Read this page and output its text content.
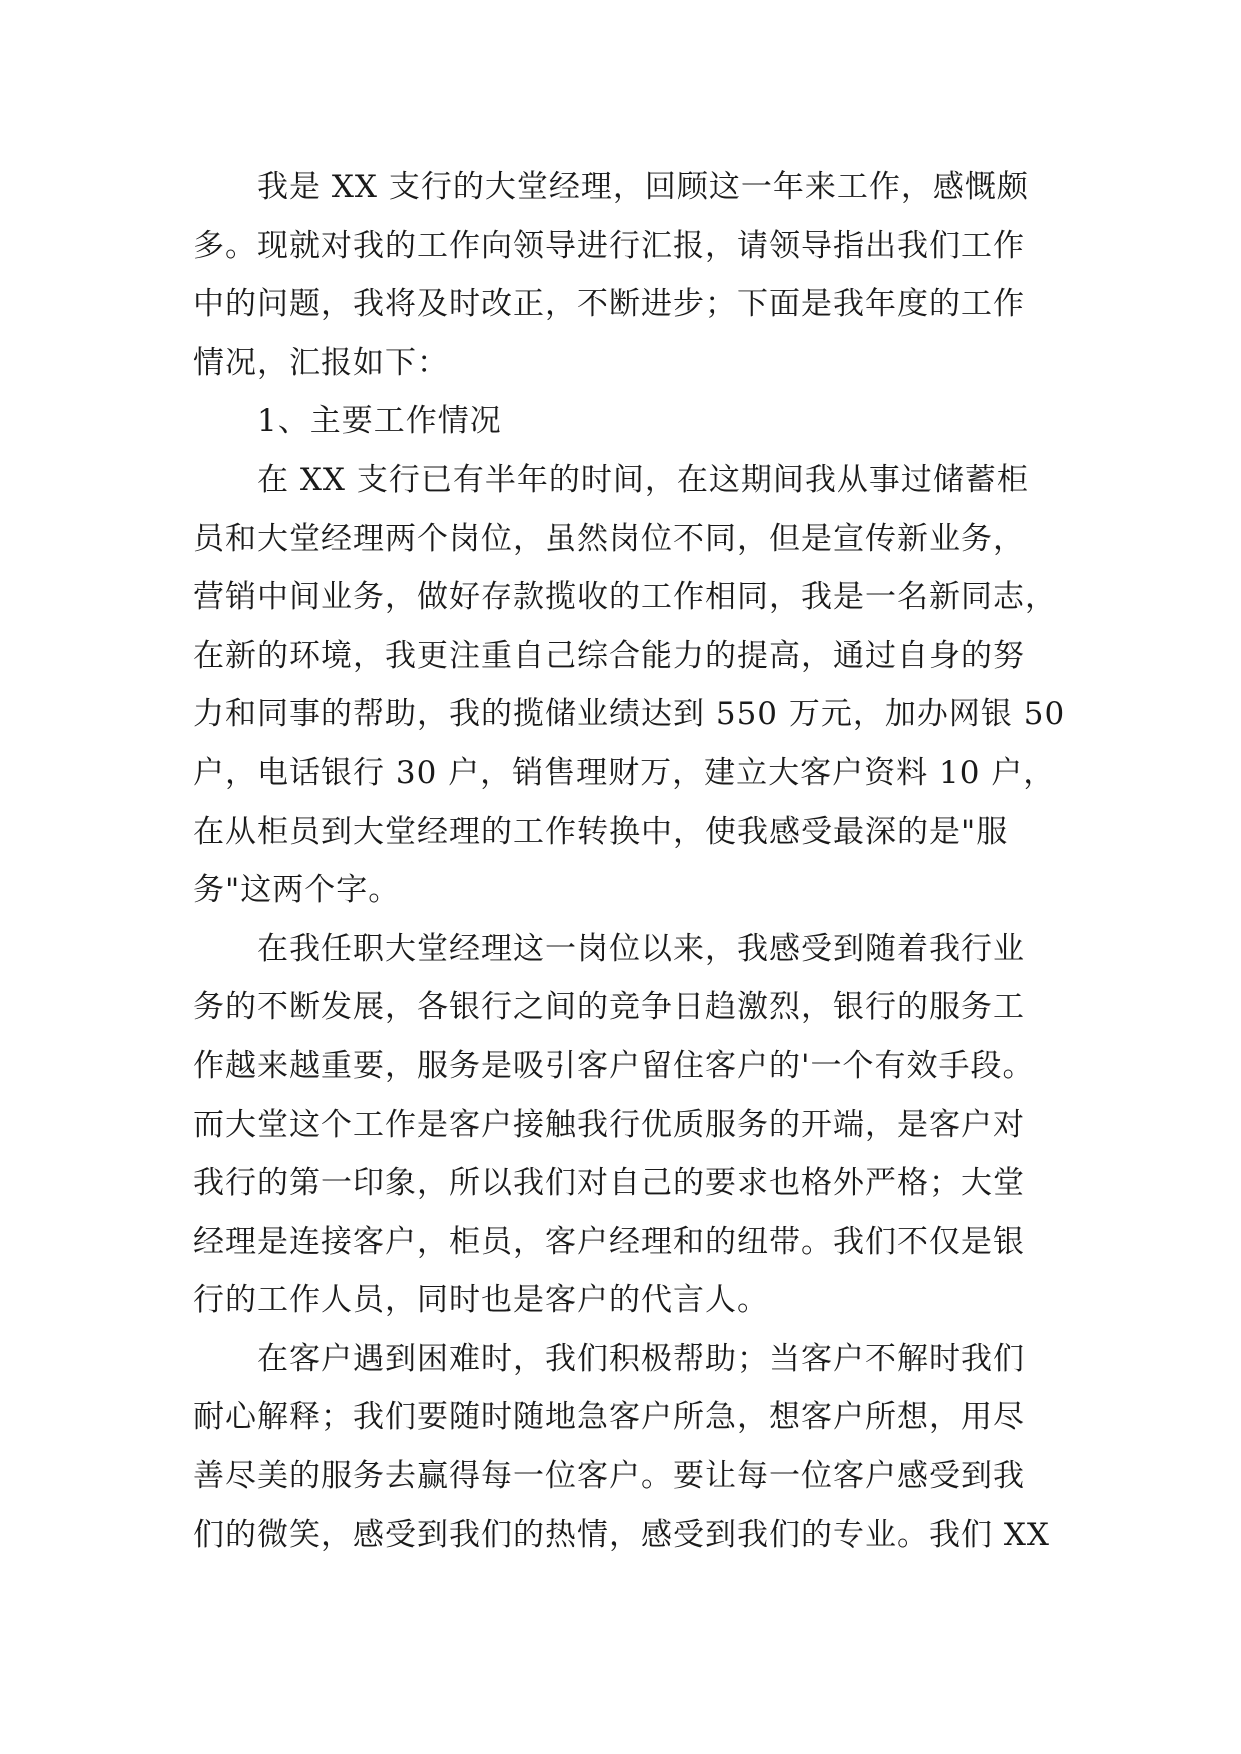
我是 XX 支行的大堂经理，回顾这一年来工作，感慨颇
多。现就对我的工作向领导进行汇报，请领导指出我们工作
中的问题，我将及时改正，不断进步；下面是我年度的工作
情况，汇报如下：
1、主要工作情况
在 XX 支行已有半年的时间，在这期间我从事过储蓄柜
员和大堂经理两个岗位，虽然岗位不同，但是宣传新业务，
营销中间业务，做好存款揽收的工作相同，我是一名新同志，
在新的环境，我更注重自己综合能力的提高，通过自身的努
力和同事的帮助，我的揽储业绩达到 550 万元，加办网银 50
户，电话银行 30 户，销售理财万，建立大客户资料 10 户，
在从柜员到大堂经理的工作转换中，使我感受最深的是"服
务"这两个字。
在我任职大堂经理这一岗位以来，我感受到随着我行业
务的不断发展，各银行之间的竞争日趋激烈，银行的服务工
作越来越重要，服务是吸引客户留住客户的'一个有效手段。
而大堂这个工作是客户接触我行优质服务的开端，是客户对
我行的第一印象，所以我们对自己的要求也格外严格；大堂
经理是连接客户，柜员，客户经理和的纽带。我们不仅是银
行的工作人员，同时也是客户的代言人。
在客户遇到困难时，我们积极帮助；当客户不解时我们
耐心解释；我们要随时随地急客户所急，想客户所想，用尽
善尽美的服务去赢得每一位客户。要让每一位客户感受到我
们的微笑，感受到我们的热情，感受到我们的专业。我们 XX
